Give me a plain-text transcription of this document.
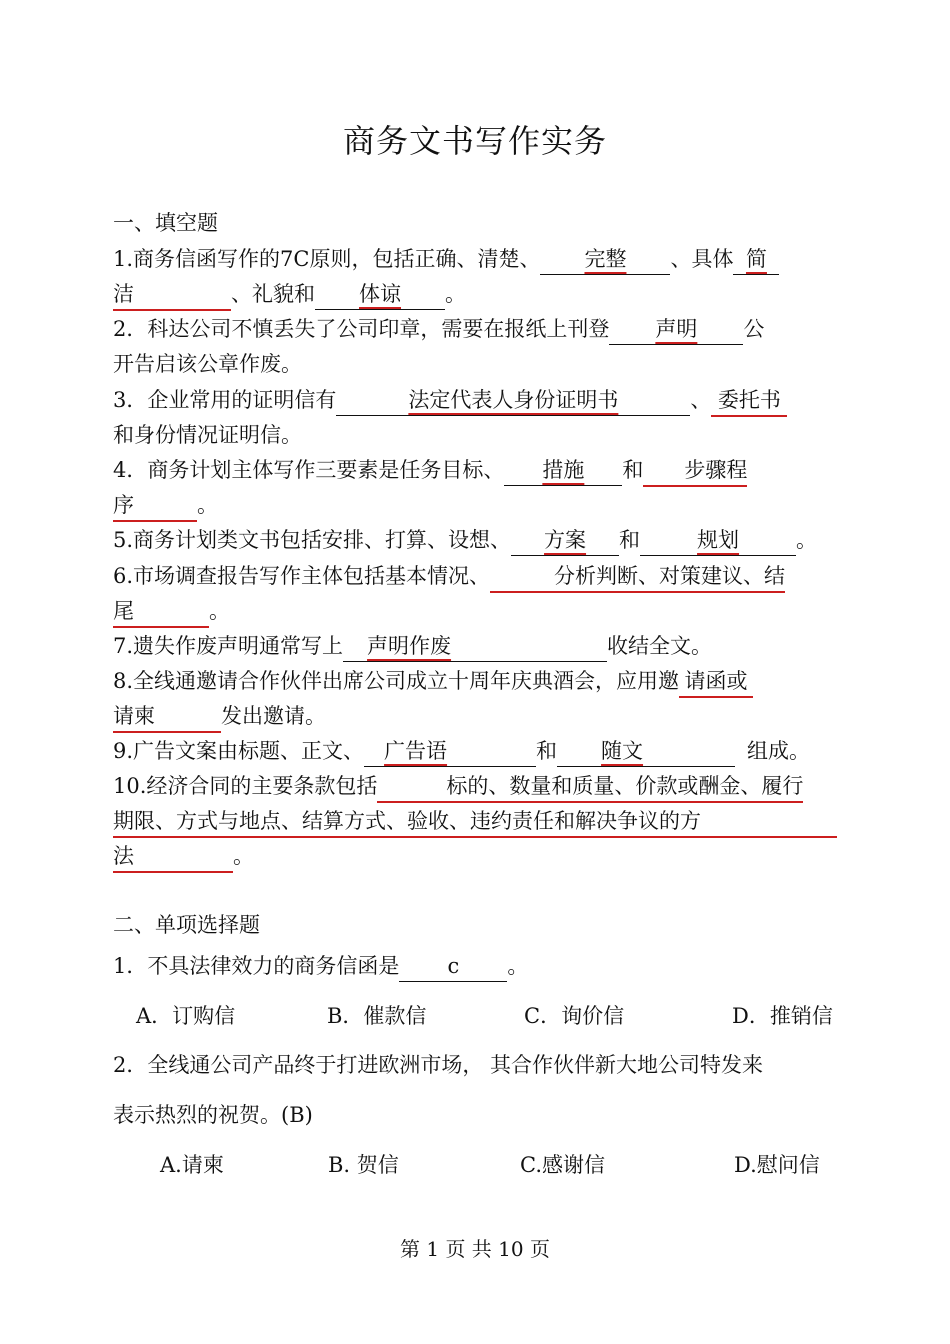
商务文书写作实务
一、填空题
1.商务信函写作的7C原则，包括正确、清楚、 完整 、具体 简
洁	、礼貌和 体谅 。
2．科达公司不慎丢失了公司印章，需要在报纸上刊登 声明 公
开告启该公章作废。
3．企业常用的证明信有	法定代表人身份证明书	、 委托书
和身份情况证明信。
4．商务计划主体写作三要素是任务目标、 措施 和 步骤程
序	。
5.商务计划类文书包括安排、打算、设想、 方案 和	规划	。
6.市场调查报告写作主体包括基本情况、	分析判断、对策建议、结
尾	。
7.遗失作废声明通常写上 声明作废	收结全文。
8.全线通邀请合作伙伴出席公司成立十周年庆典酒会，应用邀 请函或
请柬	发出邀请。
9.广告文案由标题、正文、 广告语	和 随文	组成。
10.经济合同的主要条款包括	标的、数量和质量、价款或酬金、履行
期限、方式与地点、结算方式、验收、违约责任和解决争议的方
法	。
二、单项选择题
1．不具法律效力的商务信函是 c 。
A．订购信	B．催款信	C．询价信	D．推销信
2．全线通公司产品终于打进欧洲市场， 其合作伙伴新大地公司特发来
表示热烈的祝贺。(B)
A.请柬	B. 贺信	C.感谢信	D.慰问信
第 1 页 共 10 页
